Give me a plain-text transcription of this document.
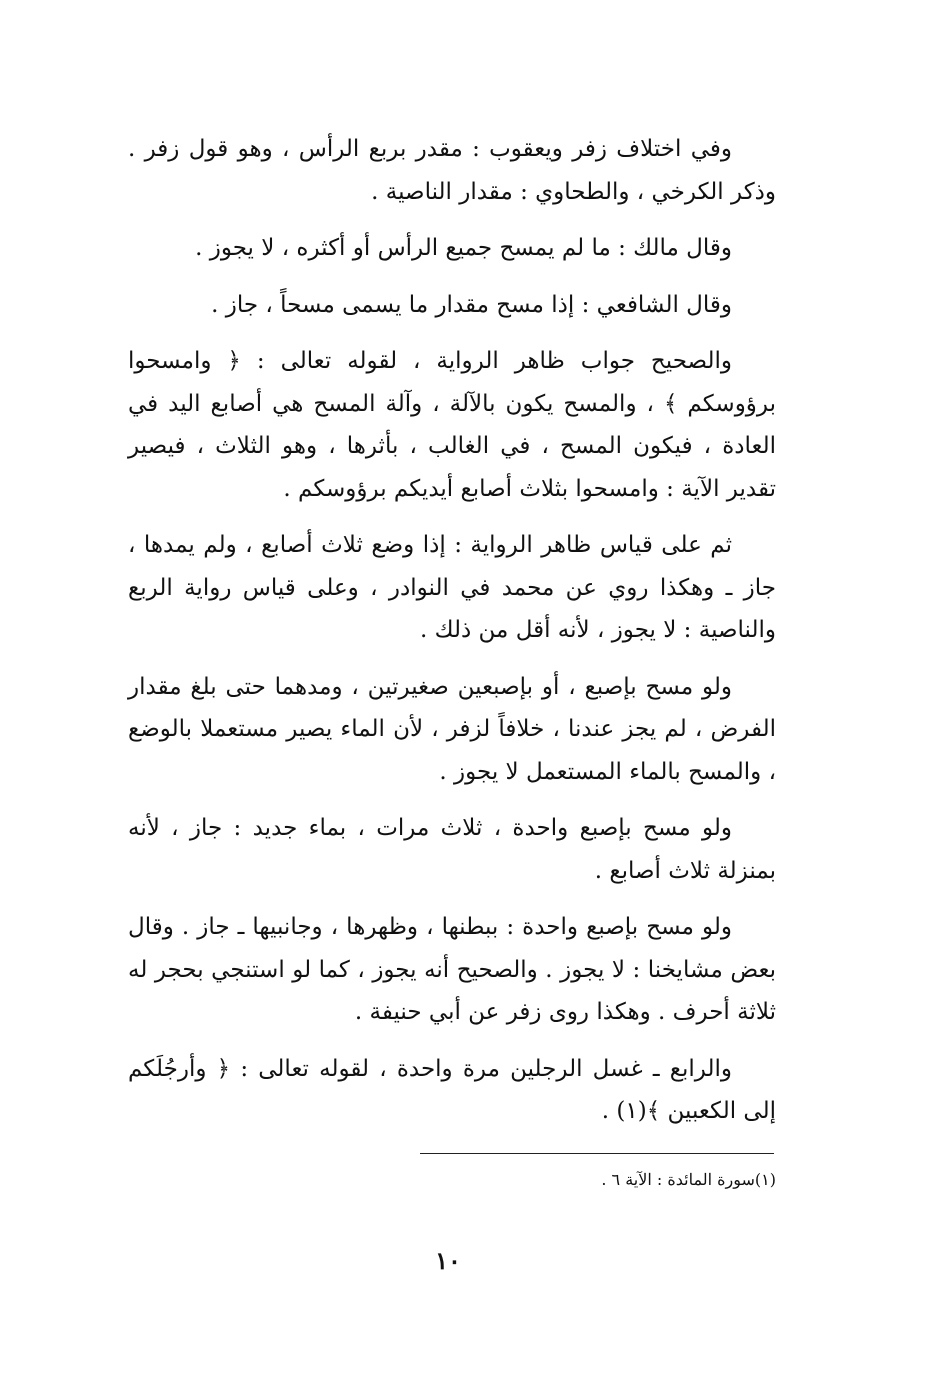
وفي اختلاف زفر ويعقوب : مقدر بربع الرأس ، وهو قول زفر . وذكر الكرخي ، والطحاوي : مقدار الناصية .

وقال مالك : ما لم يمسح جميع الرأس أو أكثره ، لا يجوز .

وقال الشافعي : إذا مسح مقدار ما يسمى مسحاً ، جاز .

والصحيح جواب ظاهر الرواية ، لقوله تعالى : ﴿ وامسحوا برؤوسكم ﴾ ، والمسح يكون بالآلة ، وآلة المسح هي أصابع اليد في العادة ، فيكون المسح ، في الغالب ، بأثرها ، وهو الثلاث ، فيصير تقدير الآية : وامسحوا بثلاث أصابع أيديكم برؤوسكم .

ثم على قياس ظاهر الرواية : إذا وضع ثلاث أصابع ، ولم يمدها ، جاز ـ وهكذا روي عن محمد في النوادر ، وعلى قياس رواية الربع والناصية : لا يجوز ، لأنه أقل من ذلك .

ولو مسح بإصبع ، أو بإصبعين صغيرتين ، ومدهما حتى بلغ مقدار الفرض ، لم يجز عندنا ، خلافاً لزفر ، لأن الماء يصير مستعملا بالوضع ، والمسح بالماء المستعمل لا يجوز .

ولو مسح بإصبع واحدة ، ثلاث مرات ، بماء جديد : جاز ، لأنه بمنزلة ثلاث أصابع .

ولو مسح بإصبع واحدة : ببطنها ، وظهرها ، وجانبيها ـ جاز . وقال بعض مشايخنا : لا يجوز . والصحيح أنه يجوز ، كما لو استنجي بحجر له ثلاثة أحرف . وهكذا روى زفر عن أبي حنيفة .

والرابع ـ غسل الرجلين مرة واحدة ، لقوله تعالى : ﴿ وأرجُلَكم إلى الكعبين ﴾(١) .

(١)سورة المائدة : الآية ٦ .
١٠
